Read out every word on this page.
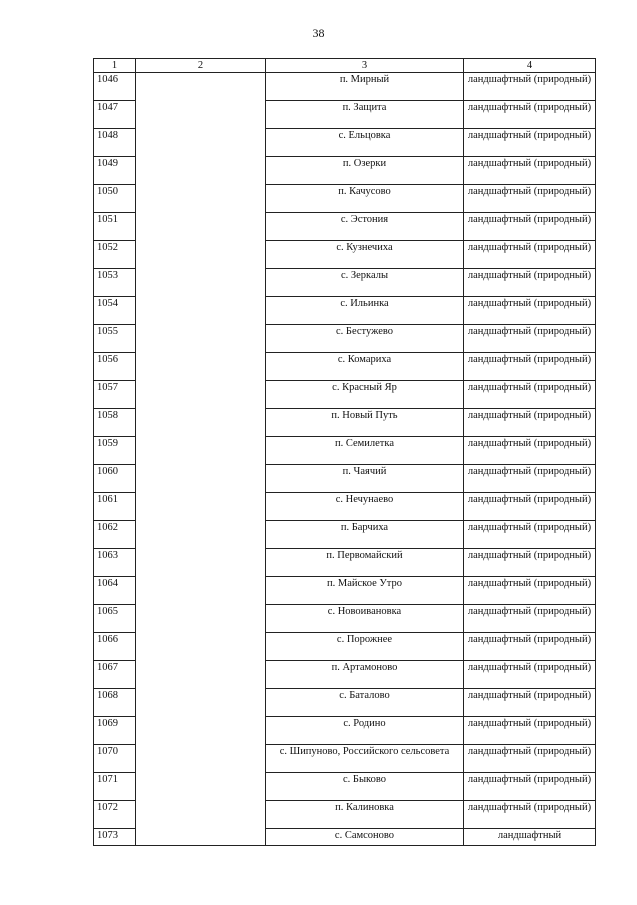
38
1	2	3	4
1046		п. Мирный	ландшафтный (природный)
1047		п. Защита	ландшафтный (природный)
1048		с. Ельцовка	ландшафтный (природный)
1049		п. Озерки	ландшафтный (природный)
1050		п. Качусово	ландшафтный (природный)
1051		с. Эстония	ландшафтный (природный)
1052		с. Кузнечиха	ландшафтный (природный)
1053		с. Зеркалы	ландшафтный (природный)
1054		с. Ильинка	ландшафтный (природный)
1055		с. Бестужево	ландшафтный (природный)
1056		с. Комариха	ландшафтный (природный)
1057		с. Красный Яр	ландшафтный (природный)
1058		п. Новый Путь	ландшафтный (природный)
1059		п. Семилетка	ландшафтный (природный)
1060		п. Чаячий	ландшафтный (природный)
1061		с. Нечунаево	ландшафтный (природный)
1062		п. Барчиха	ландшафтный (природный)
1063		п. Первомайский	ландшафтный (природный)
1064		п. Майское Утро	ландшафтный (природный)
1065		с. Новоивановка	ландшафтный (природный)
1066		с. Порожнее	ландшафтный (природный)
1067		п. Артамоново	ландшафтный (природный)
1068		с. Баталово	ландшафтный (природный)
1069		с. Родино	ландшафтный (природный)
1070		с. Шипуново, Российского сельсовета	ландшафтный (природный)
1071		с. Быково	ландшафтный (природный)
1072		п. Калиновка	ландшафтный (природный)
1073		с. Самсоново	ландшафтный
